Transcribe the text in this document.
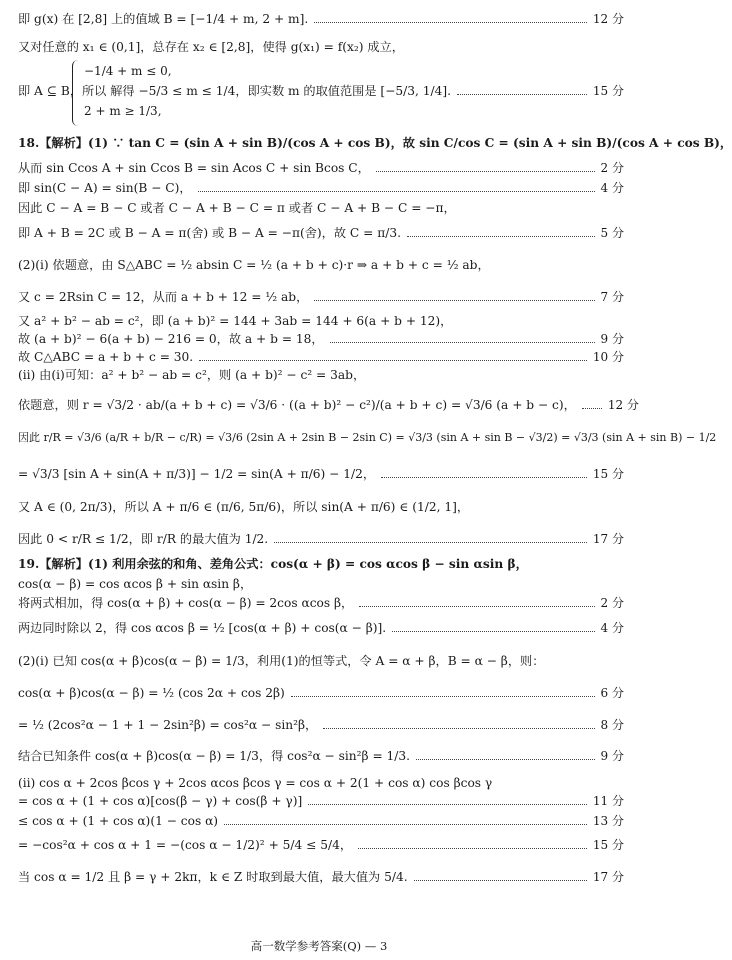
即 g(x) 在 [2,8] 上的值域 B = [−1/4 + m, 2 + m].	12 分
又对任意的 x₁ ∈ (0,1]，总存在 x₂ ∈ [2,8]，使得 g(x₁) = f(x₂) 成立，
−1/4 + m ≤ 0,
2 + m ≥ 1/3,
即 A ⊆ B，所以 解得 −5/3 ≤ m ≤ 1/4，即实数 m 的取值范围是 [−5/3, 1/4].	15 分
18.【解析】(1) ∵ tan C = (sin A + sin B)/(cos A + cos B)，故 sin C/cos C = (sin A + sin B)/(cos A + cos B)，
从而 sin Ccos A + sin Ccos B = sin Acos C + sin Bcos C，	2 分
即 sin(C − A) = sin(B − C)，	4 分
因此 C − A = B − C 或者 C − A + B − C = π 或者 C − A + B − C = −π，
即 A + B = 2C 或 B − A = π(舍) 或 B − A = −π(舍)，故 C = π/3.	5 分
(2)(ⅰ) 依题意，由 S△ABC = ½ absin C = ½ (a + b + c)·r ⇒ a + b + c = ½ ab，
又 c = 2Rsin C = 12，从而 a + b + 12 = ½ ab，	7 分
又 a² + b² − ab = c²，即 (a + b)² = 144 + 3ab = 144 + 6(a + b + 12)，
故 (a + b)² − 6(a + b) − 216 = 0，故 a + b = 18，	9 分
故 C△ABC = a + b + c = 30.	10 分
(ⅱ) 由(ⅰ)可知：a² + b² − ab = c²，则 (a + b)² − c² = 3ab，
依题意，则 r = √3/2 · ab/(a + b + c) = √3/6 · ((a + b)² − c²)/(a + b + c) = √3/6 (a + b − c)，	12 分
因此 r/R = √3/6 (a/R + b/R − c/R) = √3/6 (2sin A + 2sin B − 2sin C) = √3/3 (sin A + sin B − √3/2) = √3/3 (sin A + sin B) − 1/2
= √3/3 [sin A + sin(A + π/3)] − 1/2 = sin(A + π/6) − 1/2，	15 分
又 A ∈ (0, 2π/3)，所以 A + π/6 ∈ (π/6, 5π/6)，所以 sin(A + π/6) ∈ (1/2, 1]，
因此 0 < r/R ≤ 1/2，即 r/R 的最大值为 1/2.	17 分
19.【解析】(1) 利用余弦的和角、差角公式：cos(α + β) = cos αcos β − sin αsin β，
cos(α − β) = cos αcos β + sin αsin β，
将两式相加，得 cos(α + β) + cos(α − β) = 2cos αcos β，	2 分
两边同时除以 2，得 cos αcos β = ½ [cos(α + β) + cos(α − β)].	4 分
(2)(ⅰ) 已知 cos(α + β)cos(α − β) = 1/3，利用(1)的恒等式，令 A = α + β，B = α − β，则：
cos(α + β)cos(α − β) = ½ (cos 2α + cos 2β)	6 分
= ½ (2cos²α − 1 + 1 − 2sin²β) = cos²α − sin²β，	8 分
结合已知条件 cos(α + β)cos(α − β) = 1/3，得 cos²α − sin²β = 1/3.	9 分
(ⅱ) cos α + 2cos βcos γ + 2cos αcos βcos γ = cos α + 2(1 + cos α) cos βcos γ
= cos α + (1 + cos α)[cos(β − γ) + cos(β + γ)]	11 分
≤ cos α + (1 + cos α)(1 − cos α)	13 分
= −cos²α + cos α + 1 = −(cos α − 1/2)² + 5/4 ≤ 5/4，	15 分
当 cos α = 1/2 且 β = γ + 2kπ，k ∈ Z 时取到最大值，最大值为 5/4.	17 分
高一数学参考答案(Q) — 3
